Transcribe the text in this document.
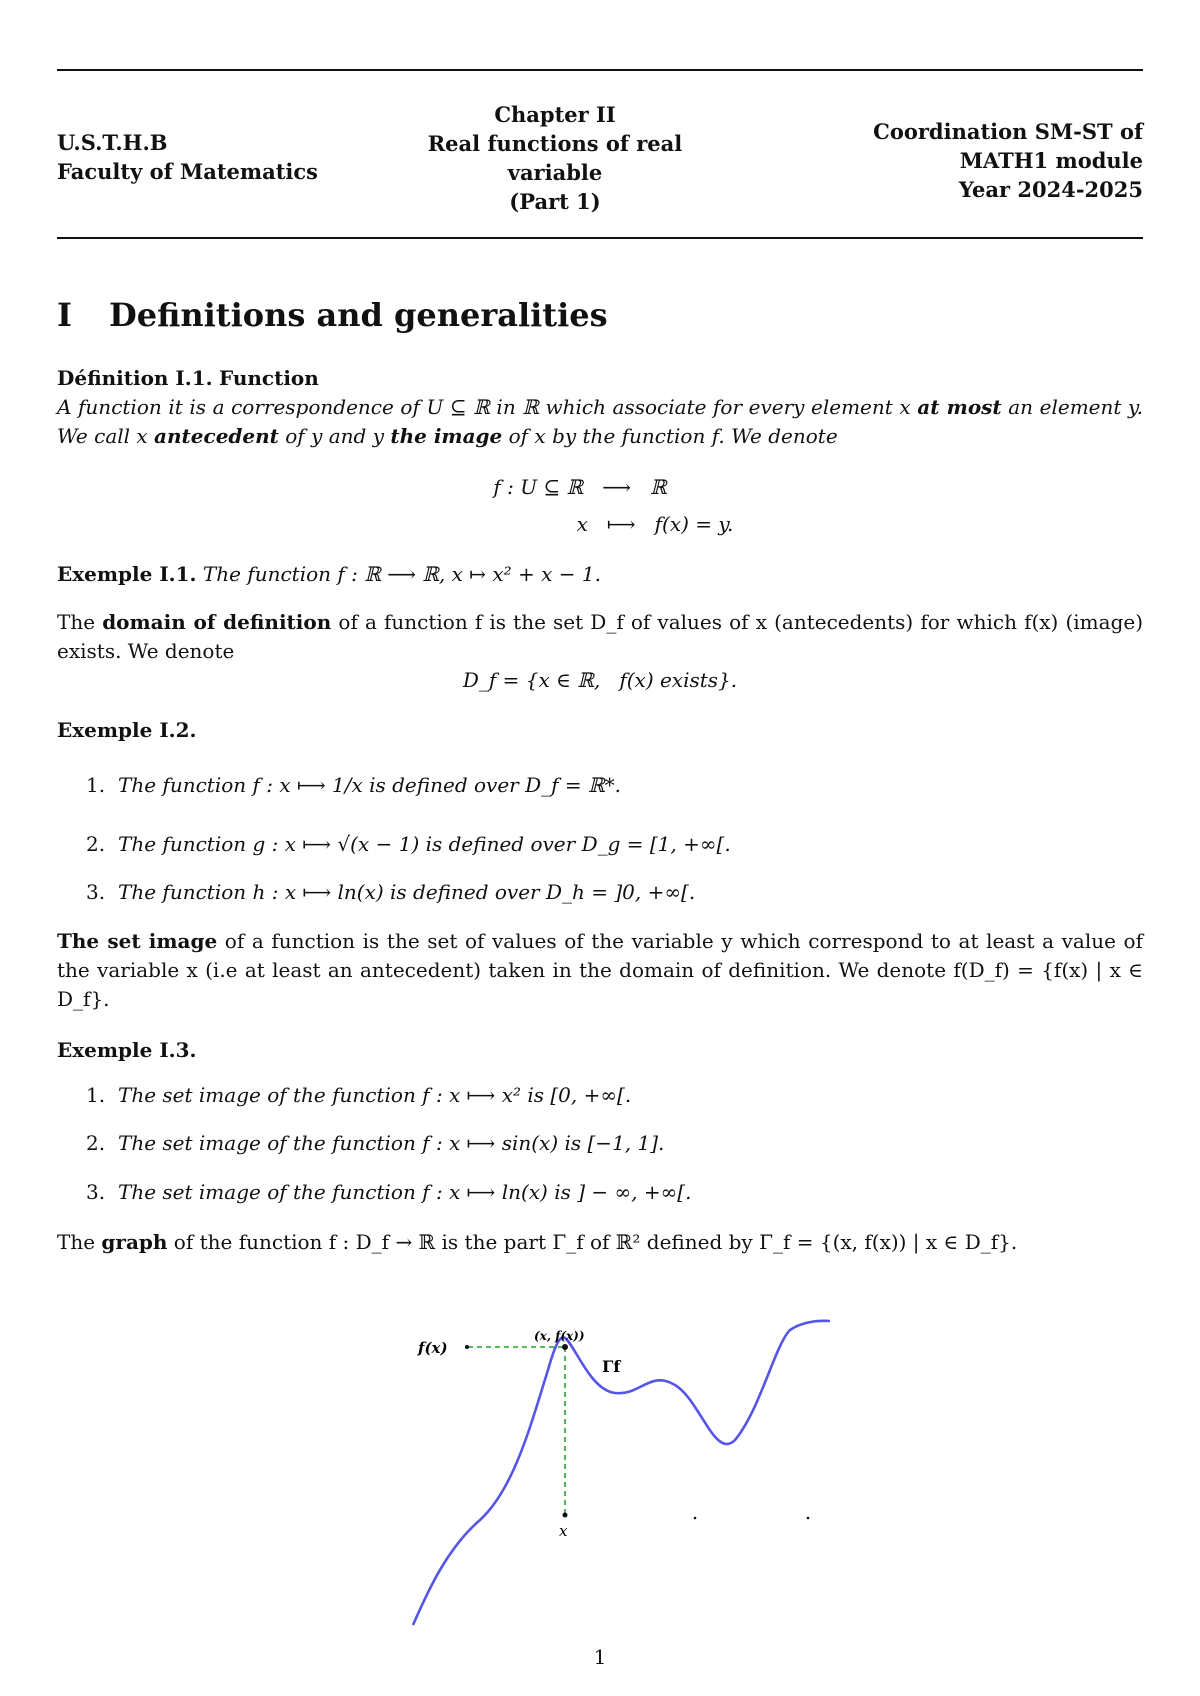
U.S.T.H.B
Faculty of Matematics
Chapter II
Real functions of real
variable
(Part 1)
Coordination SM-ST of
MATH1 module
Year 2024-2025
I Definitions and generalities
Définition I.1. Function
A function it is a correspondence of U ⊆ ℝ in ℝ which associate for every element x at most an element y. We call x antecedent of y and y the image of x by the function f. We denote
f : U ⊆ ℝ   ⟶   ℝ
x   ⟼   f(x) = y.
Exemple I.1. The function f : ℝ ⟶ ℝ, x ↦ x² + x − 1.
The domain of definition of a function f is the set D_f of values of x (antecedents) for which f(x) (image) exists. We denote
D_f = {x ∈ ℝ,   f(x) exists}.
Exemple I.2.
1. The function f : x ⟼ 1/x is defined over D_f = ℝ*.
2. The function g : x ⟼ √(x − 1) is defined over D_g = [1, +∞[.
3. The function h : x ⟼ ln(x) is defined over D_h = ]0, +∞[.
The set image of a function is the set of values of the variable y which correspond to at least a value of the variable x (i.e at least an antecedent) taken in the domain of definition. We denote f(D_f) = {f(x) | x ∈ D_f}.
Exemple I.3.
1. The set image of the function f : x ⟼ x² is [0, +∞[.
2. The set image of the function f : x ⟼ sin(x) is [−1, 1].
3. The set image of the function f : x ⟼ ln(x) is ] − ∞, +∞[.
The graph of the function f : D_f → ℝ is the part Γ_f of ℝ² defined by Γ_f = {(x, f(x)) | x ∈ D_f}.
f(x)
(x, f(x))
Γf
x
1
